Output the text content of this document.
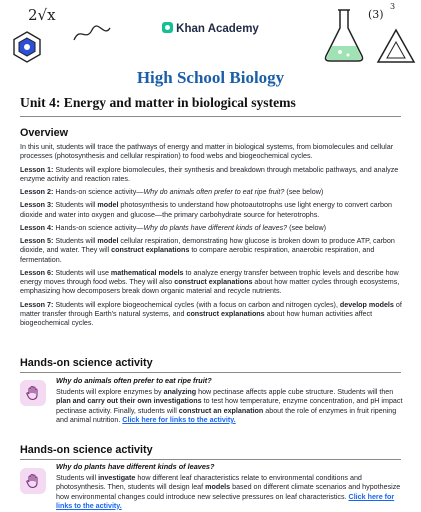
2√x
Khan Academy
(3)
3
High School Biology
Unit 4: Energy and matter in biological systems
Overview

In this unit, students will trace the pathways of energy and matter in biological systems, from biomolecules and cellular processes (photosynthesis and cellular respiration) to food webs and biogeochemical cycles.

Lesson 1: Students will explore biomolecules, their synthesis and breakdown through metabolic pathways, and analyze enzyme activity and reaction rates.

Lesson 2: Hands-on science activity—Why do animals often prefer to eat ripe fruit? (see below)

Lesson 3: Students will model photosynthesis to understand how photoautotrophs use light energy to convert carbon dioxide and water into oxygen and glucose—the primary carbohydrate source for heterotrophs.

Lesson 4: Hands-on science activity—Why do plants have different kinds of leaves? (see below)

Lesson 5: Students will model cellular respiration, demonstrating how glucose is broken down to produce ATP, carbon dioxide, and water. They will construct explanations to compare aerobic respiration, anaerobic respiration, and fermentation.

Lesson 6: Students will use mathematical models to analyze energy transfer between trophic levels and describe how energy moves through food webs. They will also construct explanations about how matter cycles through ecosystems, emphasizing how decomposers break down organic material and recycle nutrients.

Lesson 7: Students will explore biogeochemical cycles (with a focus on carbon and nitrogen cycles), develop models of matter transfer through Earth's natural systems, and construct explanations about how human activities affect biogeochemical cycles.

Hands-on science activity
Why do animals often prefer to eat ripe fruit?
Students will explore enzymes by analyzing how pectinase affects apple cube structure. Students will then plan and carry out their own investigations to test how temperature, enzyme concentration, and pH impact pectinase activity. Finally, students will construct an explanation about the role of enzymes in fruit ripening and animal nutrition. Click here for links to the activity.
Hands-on science activity
Why do plants have different kinds of leaves?
Students will investigate how different leaf characteristics relate to environmental conditions and photosynthesis. Then, students will design leaf models based on different climate scenarios and hypothesize how environmental changes could introduce new selective pressures on leaf characteristics. Click here for links to the activity.
